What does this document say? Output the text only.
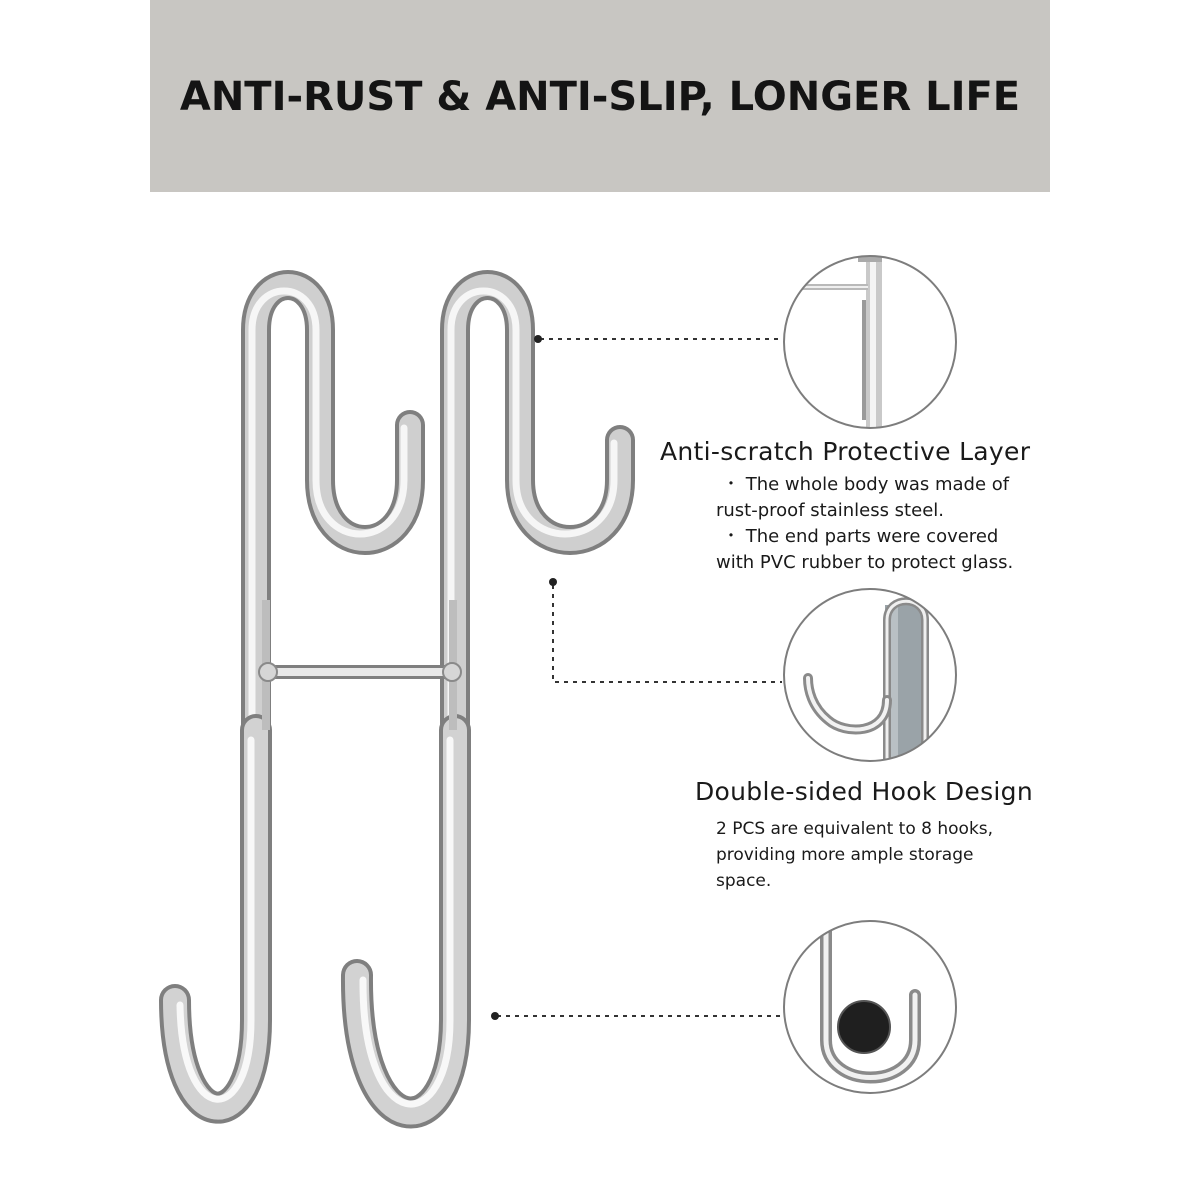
ANTI-RUST & ANTI-SLIP, LONGER LIFE
Anti-scratch Protective Layer
・ The whole body was made of
rust-proof stainless steel.
・ The end parts were covered
with PVC rubber to protect glass.
Double-sided Hook Design
2 PCS are equivalent to 8 hooks,
providing more ample storage
space.
